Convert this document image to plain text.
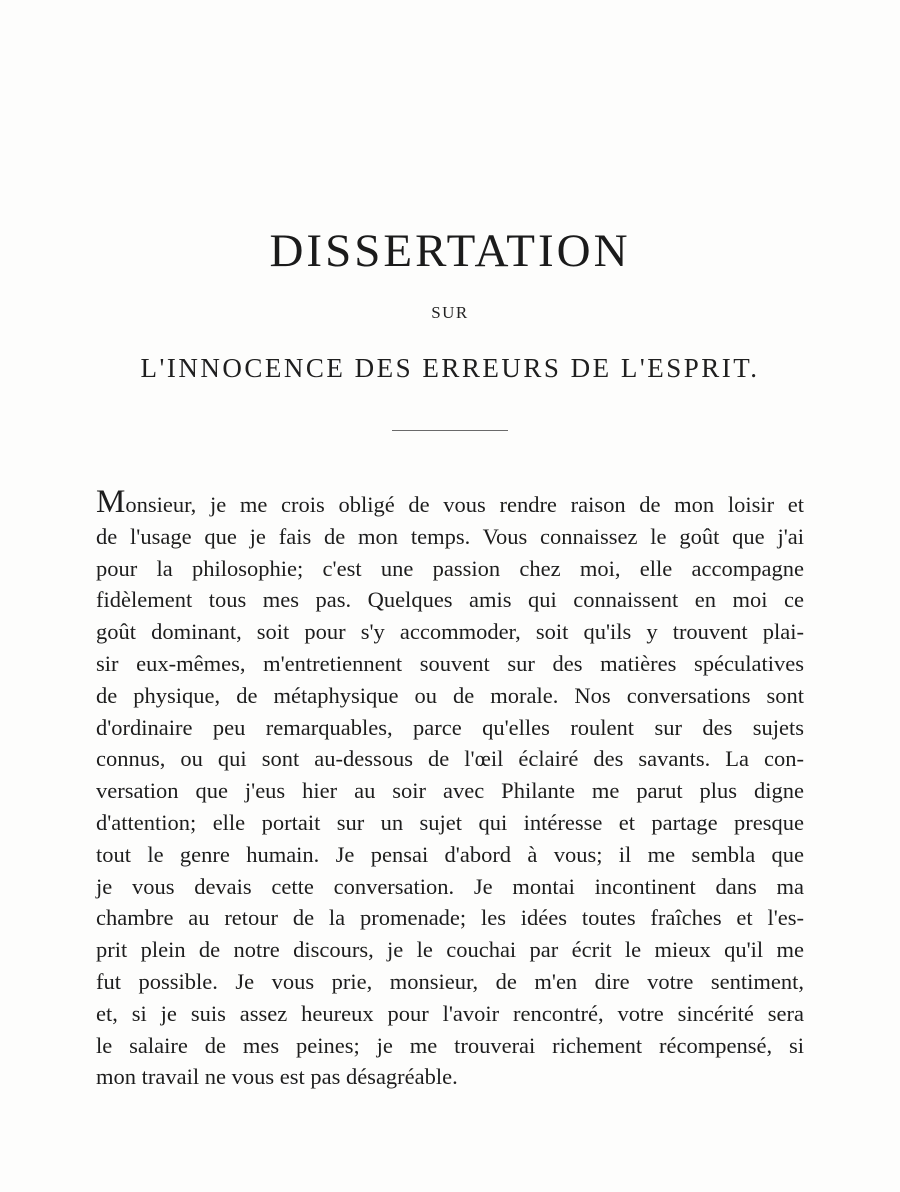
DISSERTATION
SUR
L'INNOCENCE DES ERREURS DE L'ESPRIT.
Monsieur, je me crois obligé de vous rendre raison de mon loisir et
de l'usage que je fais de mon temps. Vous connaissez le goût que j'ai
pour la philosophie; c'est une passion chez moi, elle accompagne
fidèlement tous mes pas. Quelques amis qui connaissent en moi ce
goût dominant, soit pour s'y accommoder, soit qu'ils y trouvent plai-
sir eux-mêmes, m'entretiennent souvent sur des matières spéculatives
de physique, de métaphysique ou de morale. Nos conversations sont
d'ordinaire peu remarquables, parce qu'elles roulent sur des sujets
connus, ou qui sont au-dessous de l'œil éclairé des savants. La con-
versation que j'eus hier au soir avec Philante me parut plus digne
d'attention; elle portait sur un sujet qui intéresse et partage presque
tout le genre humain. Je pensai d'abord à vous; il me sembla que
je vous devais cette conversation. Je montai incontinent dans ma
chambre au retour de la promenade; les idées toutes fraîches et l'es-
prit plein de notre discours, je le couchai par écrit le mieux qu'il me
fut possible. Je vous prie, monsieur, de m'en dire votre sentiment,
et, si je suis assez heureux pour l'avoir rencontré, votre sincérité sera
le salaire de mes peines; je me trouverai richement récompensé, si
mon travail ne vous est pas désagréable.
